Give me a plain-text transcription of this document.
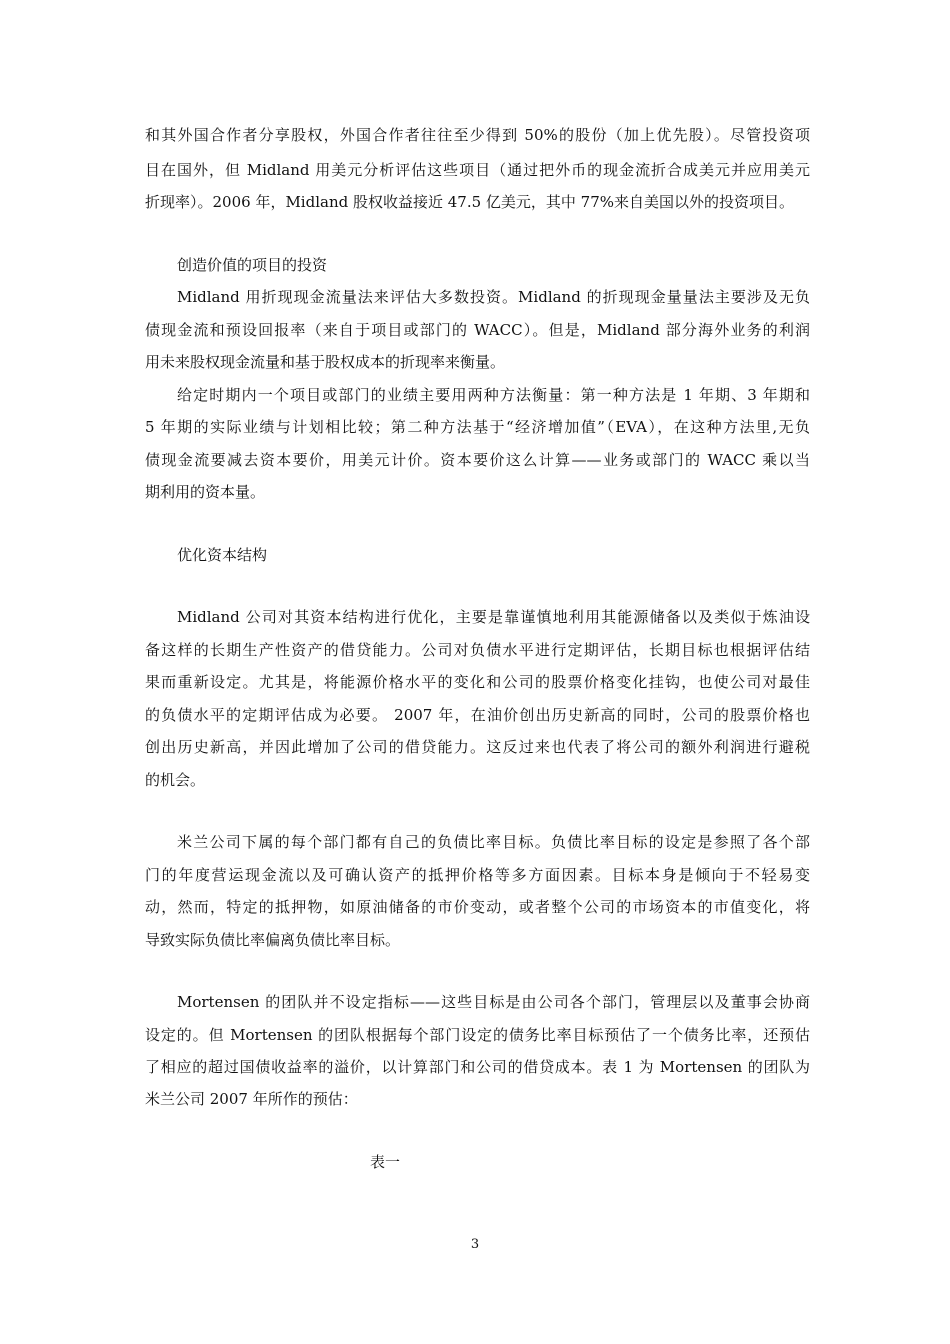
和其外国合作者分享股权，外国合作者往往至少得到 50%的股份（加上优先股）。尽管投资项
目在国外，但 Midland 用美元分析评估这些项目（通过把外币的现金流折合成美元并应用美元
折现率）。2006 年，Midland 股权收益接近 47.5 亿美元，其中 77%来自美国以外的投资项目。
创造价值的项目的投资
Midland 用折现现金流量法来评估大多数投资。Midland 的折现现金量量法主要涉及无负
债现金流和预设回报率（来自于项目或部门的 WACC）。但是，Midland 部分海外业务的利润
用未来股权现金流量和基于股权成本的折现率来衡量。
给定时期内一个项目或部门的业绩主要用两种方法衡量：第一种方法是 1 年期、3 年期和
5 年期的实际业绩与计划相比较；第二种方法基于“经济增加值”（EVA），在这种方法里,无负
债现金流要减去资本要价，用美元计价。资本要价这么计算——业务或部门的 WACC 乘以当
期利用的资本量。
优化资本结构
Midland 公司对其资本结构进行优化，主要是靠谨慎地利用其能源储备以及类似于炼油设
备这样的长期生产性资产的借贷能力。公司对负债水平进行定期评估，长期目标也根据评估结
果而重新设定。尤其是，将能源价格水平的变化和公司的股票价格变化挂钩，也使公司对最佳
的负债水平的定期评估成为必要。 2007 年，在油价创出历史新高的同时，公司的股票价格也
创出历史新高，并因此增加了公司的借贷能力。这反过来也代表了将公司的额外利润进行避税
的机会。
米兰公司下属的每个部门都有自己的负债比率目标。负债比率目标的设定是参照了各个部
门的年度营运现金流以及可确认资产的抵押价格等多方面因素。目标本身是倾向于不轻易变
动，然而，特定的抵押物，如原油储备的市价变动，或者整个公司的市场资本的市值变化，将
导致实际负债比率偏离负债比率目标。
Mortensen 的团队并不设定指标——这些目标是由公司各个部门，管理层以及董事会协商
设定的。但 Mortensen 的团队根据每个部门设定的债务比率目标预估了一个债务比率，还预估
了相应的超过国债收益率的溢价，以计算部门和公司的借贷成本。表 1 为 Mortensen 的团队为
米兰公司 2007 年所作的预估：
表一
3
